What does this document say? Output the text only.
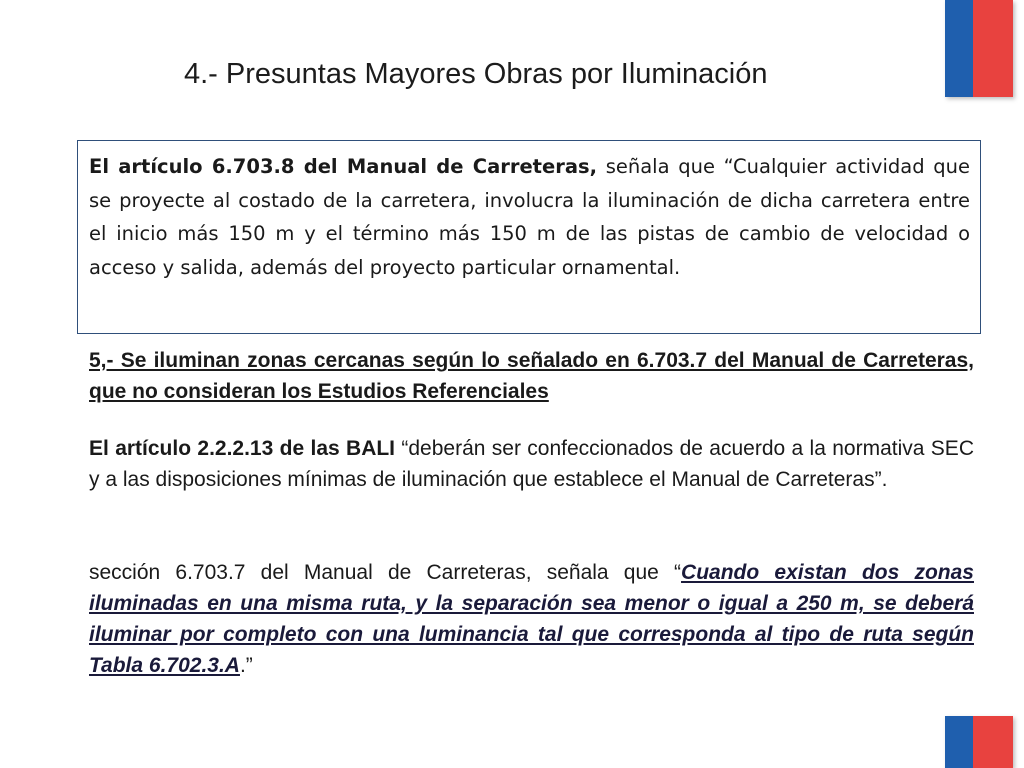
4.- Presuntas Mayores Obras por Iluminación

El artículo 6.703.8 del Manual de Carreteras, señala que “Cualquier actividad que se proyecte al costado de la carretera, involucra la iluminación de dicha carretera entre el inicio más 150 m y el término más 150 m de las pistas de cambio de velocidad o acceso y salida, además del proyecto particular ornamental.

5,- Se iluminan zonas cercanas según lo señalado en 6.703.7 del Manual de Carreteras, que no consideran los Estudios Referenciales

El artículo 2.2.2.13 de las BALI “deberán ser confeccionados de acuerdo a la normativa SEC y a las disposiciones mínimas de iluminación que establece el Manual de Carreteras”.

sección 6.703.7 del Manual de Carreteras, señala que “Cuando existan dos zonas iluminadas en una misma ruta, y la separación sea menor o igual a 250 m, se deberá iluminar por completo con una luminancia tal que corresponda al tipo de ruta según Tabla 6.702.3.A.”
